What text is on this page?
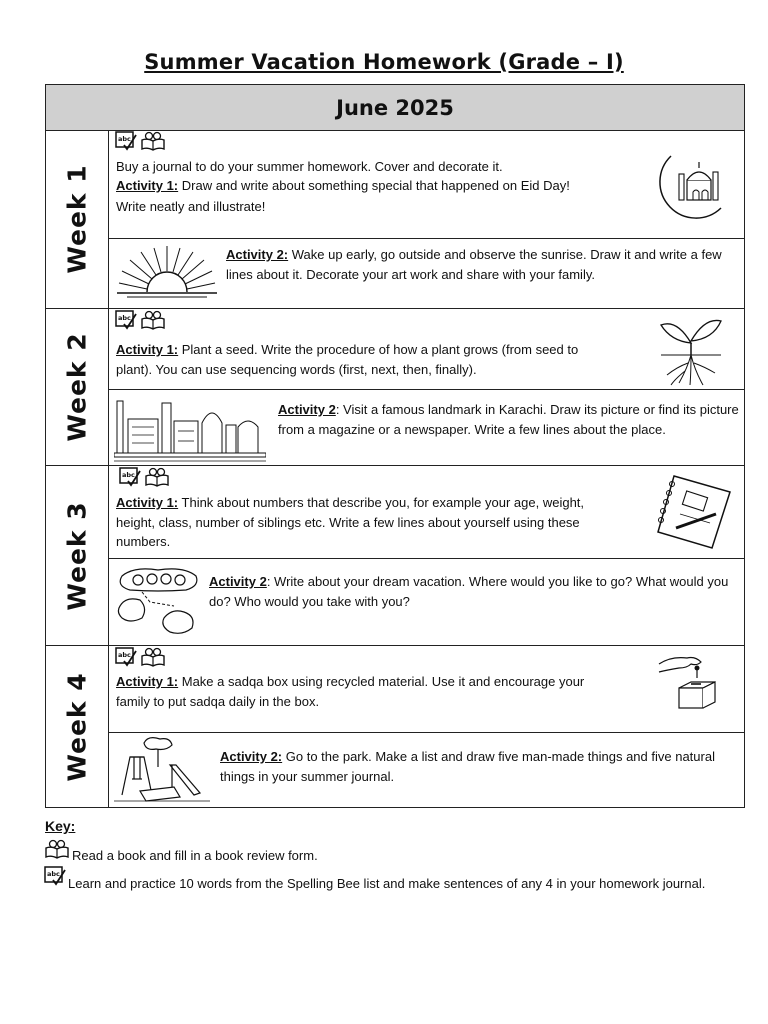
Summer Vacation Homework (Grade – I)
June 2025
Week 1 Buy a journal to do your summer homework. Cover and decorate it.
Activity 1: Draw and write about something special that happened on Eid Day!
Write neatly and illustrate!
Activity 2: Wake up early, go outside and observe the sunrise. Draw it and write a few lines about it. Decorate your art work and share with your family.
Week 2 Activity 1: Plant a seed. Write the procedure of how a plant grows (from seed to plant). You can use sequencing words (first, next, then, finally).
Activity 2: Visit a famous landmark in Karachi. Draw its picture or find its picture from a magazine or a newspaper. Write a few lines about the place.
Week 3 Activity 1: Think about numbers that describe you, for example your age, weight, height, class, number of siblings etc. Write a few lines about yourself using these numbers.
Activity 2: Write about your dream vacation. Where would you like to go? What would you do? Who would you take with you?
Week 4 Activity 1: Make a sadqa box using recycled material. Use it and encourage your family to put sadqa daily in the box.
Activity 2: Go to the park. Make a list and draw five man-made things and five natural things in your summer journal.
Key:
Read a book and fill in a book review form.
Learn and practice 10 words from the Spelling Bee list and make sentences of any 4 in your homework journal.
